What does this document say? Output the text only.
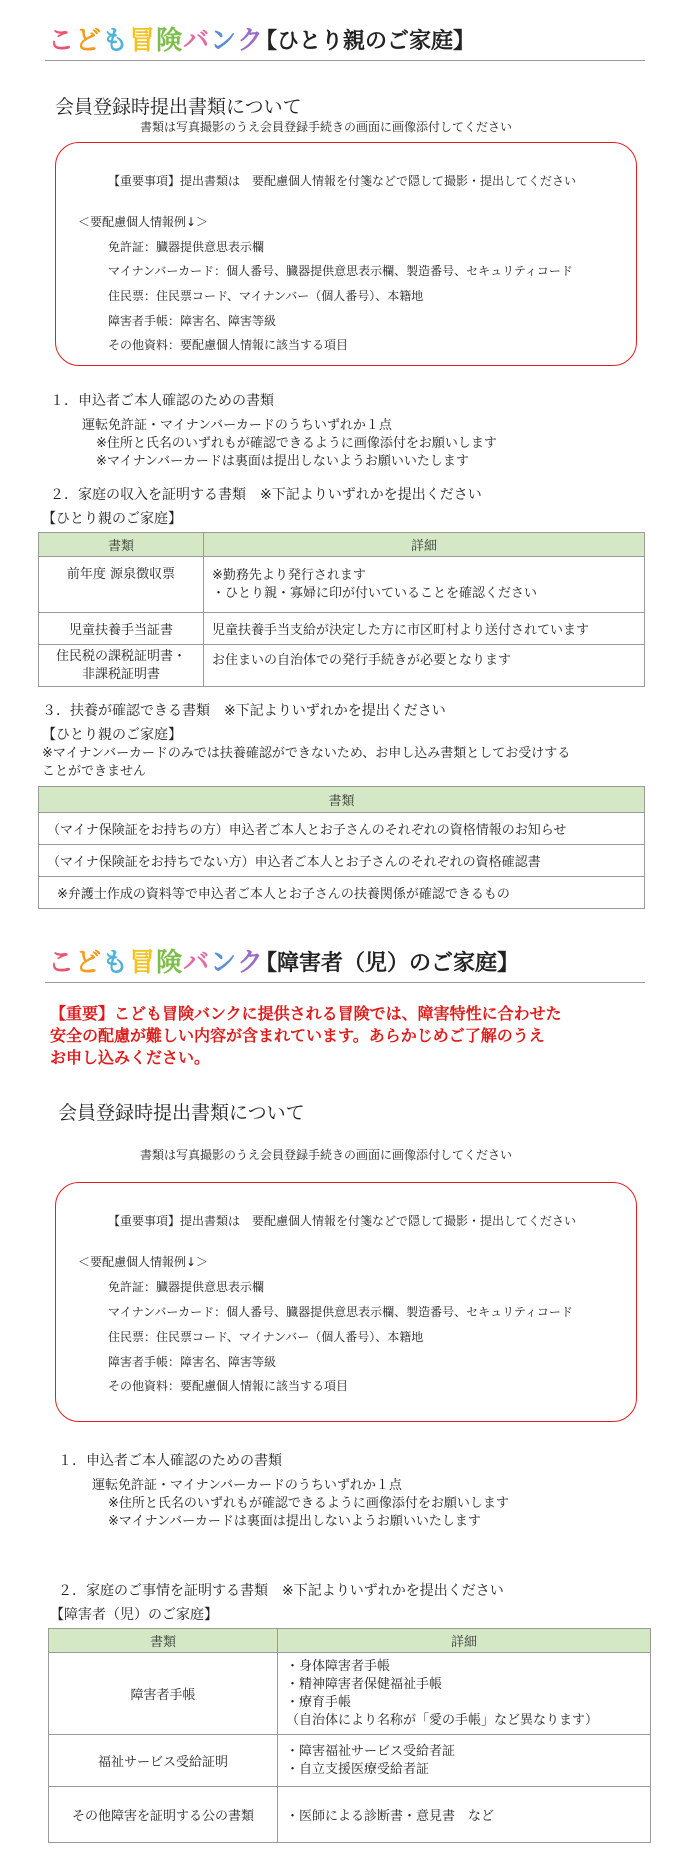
こども冒険バンク
【ひとり親のご家庭】
会員登録時提出書類について
書類は写真撮影のうえ会員登録手続きの画面に画像添付してください
【重要事項】提出書類は　要配慮個人情報を付箋などで隠して撮影・提出してください
＜要配慮個人情報例↓＞
免許証：臓器提供意思表示欄
マイナンバーカード：個人番号、臓器提供意思表示欄、製造番号、セキュリティコード
住民票：住民票コード、マイナンバー（個人番号）、本籍地
障害者手帳：障害名、障害等級
その他資料：要配慮個人情報に該当する項目
１．申込者ご本人確認のための書類
運転免許証・マイナンバーカードのうちいずれか１点
※住所と氏名のいずれもが確認できるように画像添付をお願いします
※マイナンバーカードは裏面は提出しないようお願いいたします
２．家庭の収入を証明する書類　※下記よりいずれかを提出ください
【ひとり親のご家庭】
書類	詳細
前年度 源泉徴収票	※勤務先より発行されます
・ひとり親・寡婦に印が付いていることを確認ください

児童扶養手当証書	児童扶養手当支給が決定した方に市区町村より送付されています

住民税の課税証明書・
非課税証明書	お住まいの自治体での発行手続きが必要となります
３．扶養が確認できる書類　※下記よりいずれかを提出ください
【ひとり親のご家庭】
※マイナンバーカードのみでは扶養確認ができないため、お申し込み書類としてお受けする
ことができません
書類
（マイナ保険証をお持ちの方）申込者ご本人とお子さんのそれぞれの資格情報のお知らせ
（マイナ保険証をお持ちでない方）申込者ご本人とお子さんのそれぞれの資格確認書
※弁護士作成の資料等で申込者ご本人とお子さんの扶養関係が確認できるもの
こども冒険バンク
【障害者（児）のご家庭】
【重要】こども冒険バンクに提供される冒険では、障害特性に合わせた
安全の配慮が難しい内容が含まれています。あらかじめご了解のうえ
お申し込みください。
会員登録時提出書類について
書類は写真撮影のうえ会員登録手続きの画面に画像添付してください
【重要事項】提出書類は　要配慮個人情報を付箋などで隠して撮影・提出してください
＜要配慮個人情報例↓＞
免許証：臓器提供意思表示欄
マイナンバーカード：個人番号、臓器提供意思表示欄、製造番号、セキュリティコード
住民票：住民票コード、マイナンバー（個人番号）、本籍地
障害者手帳：障害名、障害等級
その他資料：要配慮個人情報に該当する項目
１．申込者ご本人確認のための書類
運転免許証・マイナンバーカードのうちいずれか１点
※住所と氏名のいずれもが確認できるように画像添付をお願いします
※マイナンバーカードは裏面は提出しないようお願いいたします
２．家庭のご事情を証明する書類　※下記よりいずれかを提出ください
【障害者（児）のご家庭】
書類	詳細
障害者手帳	・身体障害者手帳
・精神障害者保健福祉手帳
・療育手帳
（自治体により名称が「愛の手帳」など異なります）

福祉サービス受給証明	・障害福祉サービス受給者証
・自立支援医療受給者証

その他障害を証明する公の書類	・医師による診断書・意見書　など
